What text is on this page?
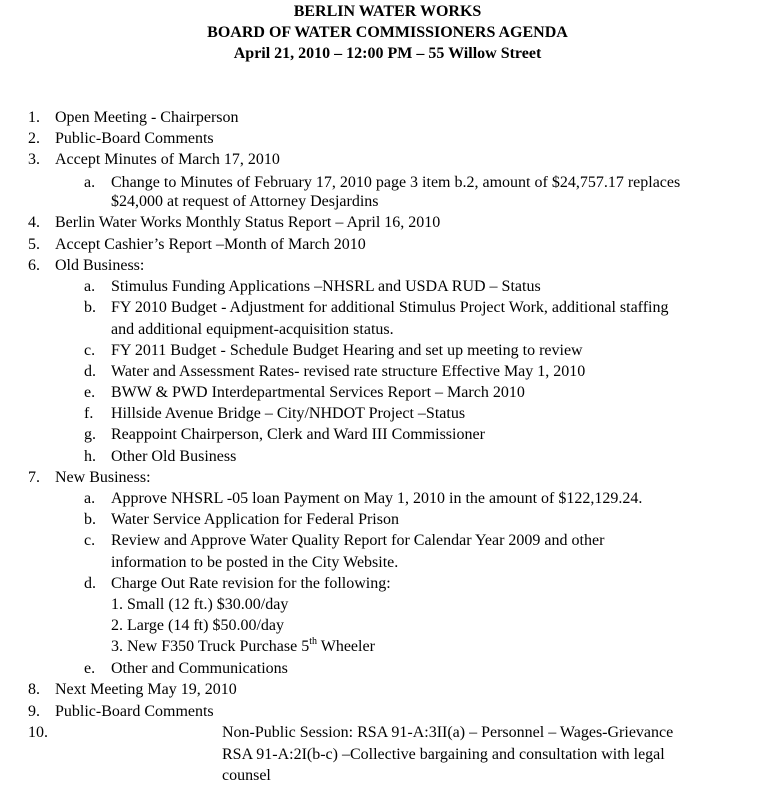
BERLIN WATER WORKS
BOARD OF WATER COMMISSIONERS AGENDA
April 21, 2010 – 12:00 PM – 55 Willow Street
1. Open Meeting - Chairperson
2. Public-Board Comments
3. Accept Minutes of March 17, 2010
a. Change to Minutes of February 17, 2010 page 3 item b.2, amount of $24,757.17 replaces
$24,000 at request of Attorney Desjardins
4. Berlin Water Works Monthly Status Report – April 16, 2010
5. Accept Cashier’s Report –Month of March 2010
6. Old Business:
a. Stimulus Funding Applications –NHSRL and USDA RUD – Status
b. FY 2010 Budget - Adjustment for additional Stimulus Project Work, additional staffing
and additional equipment-acquisition status.
c. FY 2011 Budget - Schedule Budget Hearing and set up meeting to review
d. Water and Assessment Rates- revised rate structure Effective May 1, 2010
e. BWW & PWD Interdepartmental Services Report – March 2010
f. Hillside Avenue Bridge – City/NHDOT Project –Status
g. Reappoint Chairperson, Clerk and Ward III Commissioner
h. Other Old Business
7. New Business:
a. Approve NHSRL -05 loan Payment on May 1, 2010 in the amount of $122,129.24.
b. Water Service Application for Federal Prison
c. Review and Approve Water Quality Report for Calendar Year 2009 and other
information to be posted in the City Website.
d. Charge Out Rate revision for the following:
1. Small (12 ft.) $30.00/day
2. Large (14 ft) $50.00/day
3. New F350 Truck Purchase 5th Wheeler
e. Other and Communications
8. Next Meeting May 19, 2010
9. Public-Board Comments
10.	Non-Public Session: RSA 91-A:3II(a) – Personnel – Wages-Grievance
RSA 91-A:2I(b-c) –Collective bargaining and consultation with legal
counsel
